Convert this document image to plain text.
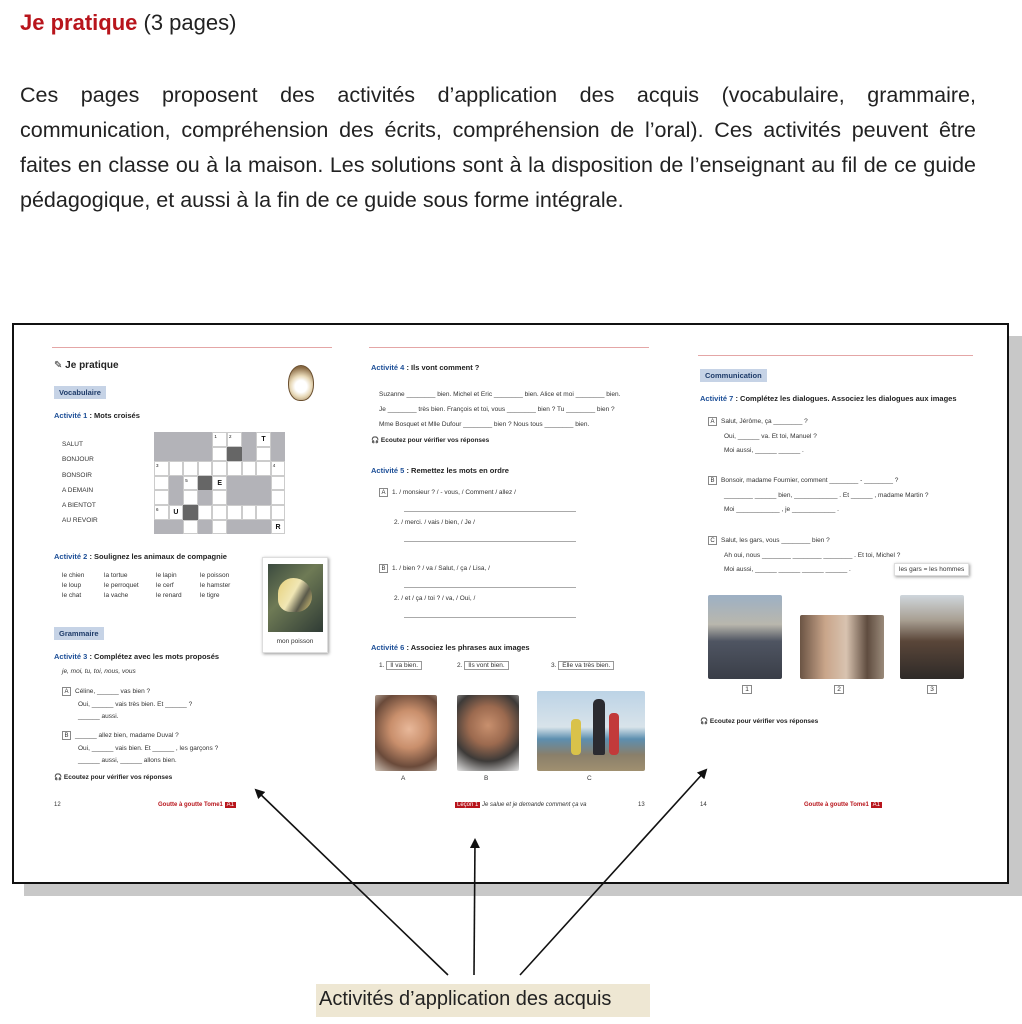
Je pratique (3 pages)

Ces pages proposent des activités d’application des acquis (vocabulaire, grammaire, communication, compréhension des écrits, compréhension de l’oral). Ces activités peuvent être faites en classe ou à la maison. Les solutions sont à la disposition de l’enseignant au fil de ce guide pédagogique, et aussi à la fin de ce guide sous forme intégrale.

✎ Je pratique
Vocabulaire
Activité 1 : Mots croisés
SALUT
BONJOUR
BONSOIR
A DEMAIN
A BIENTOT
AU REVOIR
1	2	T
3	4
5	E
6	U
R
Activité 2 : Soulignez les animaux de compagnie
le chien	la tortue	le lapin	le poisson
le loup	le perroquet	le cerf	le hamster
le chat	la vache	le renard	le tigre
mon poisson
Grammaire
Activité 3 : Complétez avec les mots proposés
je, moi, tu, toi, nous, vous
A Céline, ______ vas bien ?
Oui, ______ vais très bien. Et ______ ?
______ aussi.
B ______ allez bien, madame Duval ?
Oui, ______ vais bien. Et ______ , les garçons ?
______ aussi, ______ allons bien.
🎧 Ecoutez pour vérifier vos réponses
12	Goutte à goutte Tome1 A1
Activité 4 : Ils vont comment ?
Suzanne ________ bien. Michel et Eric ________ bien. Alice et moi ________ bien.
Je ________ très bien. François et toi, vous ________ bien ? Tu ________ bien ?
Mme Bosquet et Mlle Dufour ________ bien ? Nous tous ________ bien.
🎧 Ecoutez pour vérifier vos réponses
Activité 5 : Remettez les mots en ordre
A 1. / monsieur ? / - vous, / Comment / allez /
2. / merci. / vais / bien, / Je /
B 1. / bien ? / va / Salut, / ça / Lisa, /
2. / et / ça / toi ? / va, / Oui, /
Activité 6 : Associez les phrases aux images
1. Il va bien.	2. Ils vont bien.	3. Elle va très bien.
A	B	C
Leçon 1 Je salue et je demande comment ça va	13
Communication
Activité 7 : Complétez les dialogues. Associez les dialogues aux images
A Salut, Jérôme, ça ________ ?
Oui, ______ va. Et toi, Manuel ?
Moi aussi, ______ ______ .
B Bonsoir, madame Fournier, comment ________ - ________ ?
________ ______ bien, ____________ . Et ______ , madame Martin ?
Moi ____________ , je ____________ .
C Salut, les gars, vous ________ bien ?
Ah oui, nous ________ ________ ________ . Et toi, Michel ?
Moi aussi, ______ ______ ______ ______ .	les gars = les hommes
1	2	3
🎧 Ecoutez pour vérifier vos réponses
14	Goutte à goutte Tome1 A1
Activités d’application des acquis
